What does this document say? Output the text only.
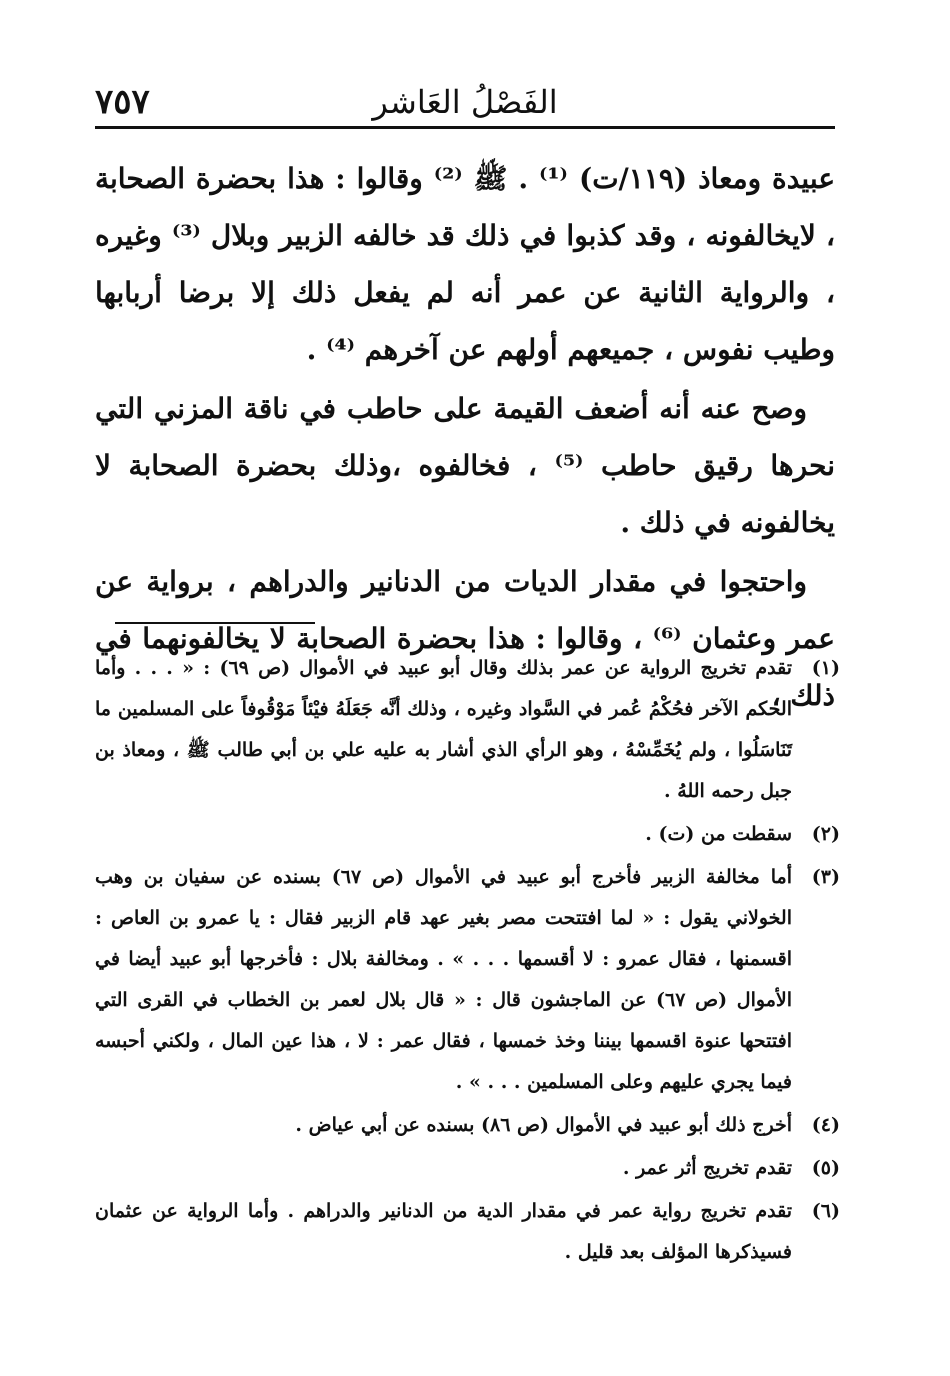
الفَصْلُ العَاشر
٧٥٧

عبيدة ومعاذ (١١٩/ت) ⁽¹⁾ . ﷺ ⁽²⁾ وقالوا : هذا بحضرة الصحابة ، لايخالفونه ، وقد كذبوا في ذلك قد خالفه الزبير وبلال ⁽³⁾ وغيره ، والرواية الثانية عن عمر أنه لم يفعل ذلك إلا برضا أربابها وطيب نفوس ، جميعهم أولهم عن آخرهم ⁽⁴⁾ .

وصح عنه أنه أضعف القيمة على حاطب في ناقة المزني التي نحرها رقيق حاطب ⁽⁵⁾ ، فخالفوه ،وذلك بحضرة الصحابة لا يخالفونه في ذلك .

واحتجوا في مقدار الديات من الدنانير والدراهم ، برواية عن عمر وعثمان ⁽⁶⁾ ، وقالوا : هذا بحضرة الصحابة لا يخالفونهما في ذلك ،

(١)
تقدم تخريج الرواية عن عمر بذلك وقال أبو عبيد في الأموال (ص ٦٩) : « . . . وأما الحكم الآخر فحُكْمُ عُمر في السَّواد وغيره ، وذلك أنَّه جَعَلَهُ فيْئاً مَوْقُوفاً على المسلمين ما تَنَاسَلُوا ، ولم يُخَمِّسْهُ ، وهو الرأي الذي أشار به عليه علي بن أبي طالب ﷺ ، ومعاذ بن جبل رحمه اللهُ .
(٢)
سقطت من (ت) .
(٣)
أما مخالفة الزبير فأخرج أبو عبيد في الأموال (ص ٦٧) بسنده عن سفيان بن وهب الخولاني يقول : « لما افتتحت مصر بغير عهد قام الزبير فقال : يا عمرو بن العاص : اقسمنها ، فقال عمرو : لا أقسمها . . . » . ومخالفة بلال : فأخرجها أبو عبيد أيضا في الأموال (ص ٦٧) عن الماجشون قال : « قال بلال لعمر بن الخطاب في القرى التي افتتحها عنوة اقسمها بيننا وخذ خمسها ، فقال عمر : لا ، هذا عين المال ، ولكني أحبسه فيما يجري عليهم وعلى المسلمين . . . » .
(٤)
أخرج ذلك أبو عبيد في الأموال (ص ٨٦) بسنده عن أبي عياض .
(٥)
تقدم تخريج أثر عمر .
(٦)
تقدم تخريج رواية عمر في مقدار الدية من الدنانير والدراهم . وأما الرواية عن عثمان فسيذكرها المؤلف بعد قليل .
